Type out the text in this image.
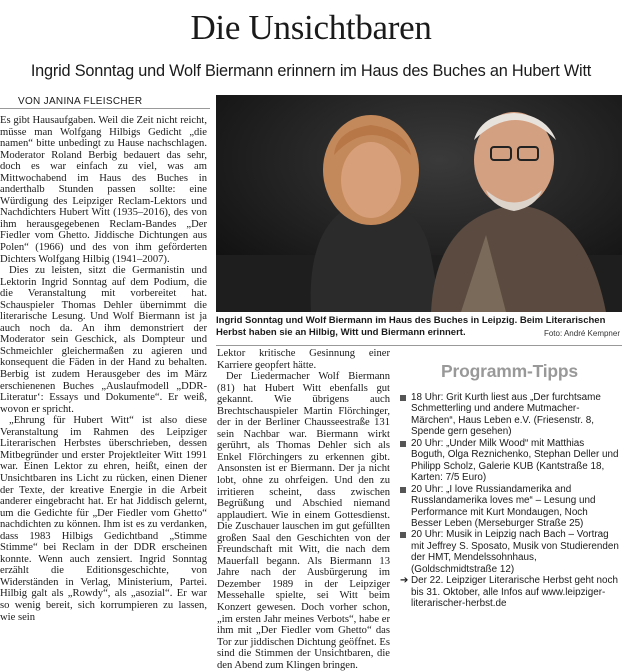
Die Unsichtbaren
Ingrid Sonntag und Wolf Biermann erinnern im Haus des Buches an Hubert Witt
VON JANINA FLEISCHER

Es gibt Hausaufgaben. Weil die Zeit nicht reicht, müsse man Wolfgang Hilbigs Gedicht „die namen“ bitte unbedingt zu Hause nachschlagen. Moderator Roland Berbig bedauert das sehr, doch es war einfach zu viel, was am Mittwochabend im Haus des Buches in anderthalb Stunden passen sollte: eine Würdigung des Leipziger Reclam-Lektors und Nachdichters Hubert Witt (1935–2016), des von ihm herausgegebenen Reclam-Bandes „Der Fiedler vom Ghetto. Jiddische Dichtungen aus Polen“ (1966) und des von ihm geförderten Dichters Wolfgang Hilbig (1941–2007).

Dies zu leisten, sitzt die Germanistin und Lektorin Ingrid Sonntag auf dem Podium, die die Veranstaltung mit vorbereitet hat. Schauspieler Thomas Dehler übernimmt die literarische Lesung. Und Wolf Biermann ist ja auch noch da. An ihm demonstriert der Moderator sein Geschick, als Dompteur und Schmeichler gleichermaßen zu agieren und konsequent die Fäden in der Hand zu behalten. Berbig ist zudem Herausgeber des im März erschienenen Buches „Auslaufmodell „DDR-Literatur‘: Essays und Dokumente“. Er weiß, wovon er spricht.

„Ehrung für Hubert Witt“ ist also diese Veranstaltung im Rahmen des Leipziger Literarischen Herbstes überschrieben, dessen Mitbegründer und erster Projektleiter Witt 1991 war. Einen Lektor zu ehren, heißt, einen der Unsichtbaren ins Licht zu rücken, einen Diener der Texte, der kreative Energie in die Arbeit anderer eingebracht hat. Er hat Jiddisch gelernt, um die Gedichte für „Der Fiedler vom Ghetto“ nachdichten zu können. Ihm ist es zu verdanken, dass 1983 Hilbigs Gedichtband „Stimme Stimme“ bei Reclam in der DDR erscheinen konnte. Wenn auch zensiert. Ingrid Sonntag erzählt die Editionsgeschichte, von Widerständen in Verlag, Ministerium, Partei. Hilbig galt als „Rowdy“, als „asozial“. Er war so wenig bereit, sich korrumpieren zu lassen, wie sein

Ingrid Sonntag und Wolf Biermann im Haus des Buches in Leipzig. Beim Literarischen Herbst haben sie an Hilbig, Witt und Biermann erinnert.	Foto: André Kempner

Lektor kritische Gesinnung einer Karriere geopfert hätte.

Der Liedermacher Wolf Biermann (81) hat Hubert Witt ebenfalls gut gekannt. Wie übrigens auch Brechtschauspieler Martin Flörchinger, der in der Berliner Chausseestraße 131 sein Nachbar war. Biermann wirkt gerührt, als Thomas Dehler sich als Enkel Flörchingers zu erkennen gibt. Ansonsten ist er Biermann. Der ja nicht lobt, ohne zu ohrfeigen. Und den zu irritieren scheint, dass zwischen Begrüßung und Abschied niemand applaudiert. Wie in einem Gottesdienst. Die Zuschauer lauschen im gut gefüllten großen Saal den Geschichten von der Freundschaft mit Witt, die nach dem Mauerfall begann. Als Biermann 13 Jahre nach der Ausbürgerung im Dezember 1989 in der Leipziger Messehalle spielte, sei Witt beim Konzert gewesen. Doch vorher schon, „im ersten Jahr meines Verbots“, habe er ihm mit „Der Fiedler vom Ghetto“ das Tor zur jiddischen Dichtung geöffnet. Es sind die Stimmen der Unsichtbaren, die den Abend zum Klingen bringen.

Programm-Tipps
18 Uhr: Grit Kurth liest aus „Der furchtsame Schmetterling und andere Mutmacher-Märchen“, Haus Leben e.V. (Friesenstr. 8, Spende gern gesehen)
20 Uhr: „Under Milk Wood“ mit Matthias Boguth, Olga Reznichenko, Stephan Deller und Philipp Scholz, Galerie KUB (Kantstraße 18, Karten: 7/5 Euro)
20 Uhr: „I love Russiandamerika and Russlandamerika loves me“ – Lesung und Performance mit Kurt Mondaugen, Noch Besser Leben (Merseburger Straße 25)
20 Uhr: Musik in Leipzig nach Bach – Vortrag mit Jeffrey S. Sposato, Musik von Studierenden der HMT, Mendelssohnhaus, (Goldschmidtstraße 12)
➔ Der 22. Leipziger Literarische Herbst geht noch bis 31. Oktober, alle Infos auf www.leipziger-literarischer-herbst.de
